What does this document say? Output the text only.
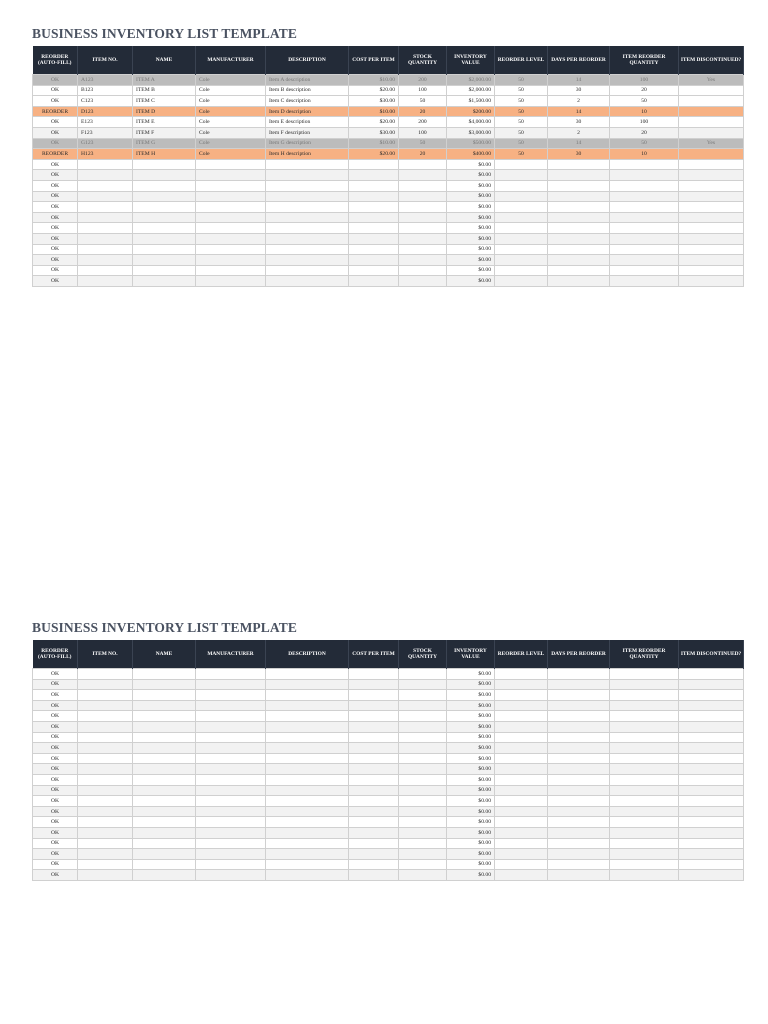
BUSINESS INVENTORY LIST TEMPLATE
REORDER (AUTO-FILL)	ITEM NO.	NAME	MANUFACTURER	DESCRIPTION	COST PER ITEM	STOCK QUANTITY	INVENTORY VALUE	REORDER LEVEL	DAYS PER REORDER	ITEM REORDER QUANTITY	ITEM DISCONTINUED?
OK	A123	ITEM A	Cole	Item A description	$10.00	200	$2,000.00	50	14	100	Yes
OK	B123	ITEM B	Cole	Item B description	$20.00	100	$2,000.00	50	30	20	
OK	C123	ITEM C	Cole	Item C description	$30.00	50	$1,500.00	50	2	50	
REORDER	D123	ITEM D	Cole	Item D description	$10.00	20	$200.00	50	14	10	
OK	E123	ITEM E	Cole	Item E description	$20.00	200	$4,000.00	50	30	100	
OK	F123	ITEM F	Cole	Item F description	$30.00	100	$3,000.00	50	2	20	
OK	G123	ITEM G	Cole	Item G description	$10.00	50	$500.00	50	14	50	Yes
REORDER	H123	ITEM H	Cole	Item H description	$20.00	20	$400.00	50	30	10	
OK							$0.00				
OK							$0.00				
OK							$0.00				
OK							$0.00				
OK							$0.00				
OK							$0.00				
OK							$0.00				
OK							$0.00				
OK							$0.00				
OK							$0.00				
OK							$0.00				
OK							$0.00				
BUSINESS INVENTORY LIST TEMPLATE
REORDER (AUTO-FILL)	ITEM NO.	NAME	MANUFACTURER	DESCRIPTION	COST PER ITEM	STOCK QUANTITY	INVENTORY VALUE	REORDER LEVEL	DAYS PER REORDER	ITEM REORDER QUANTITY	ITEM DISCONTINUED?
OK							$0.00				
OK							$0.00				
OK							$0.00				
OK							$0.00				
OK							$0.00				
OK							$0.00				
OK							$0.00				
OK							$0.00				
OK							$0.00				
OK							$0.00				
OK							$0.00				
OK							$0.00				
OK							$0.00				
OK							$0.00				
OK							$0.00				
OK							$0.00				
OK							$0.00				
OK							$0.00				
OK							$0.00				
OK							$0.00				
